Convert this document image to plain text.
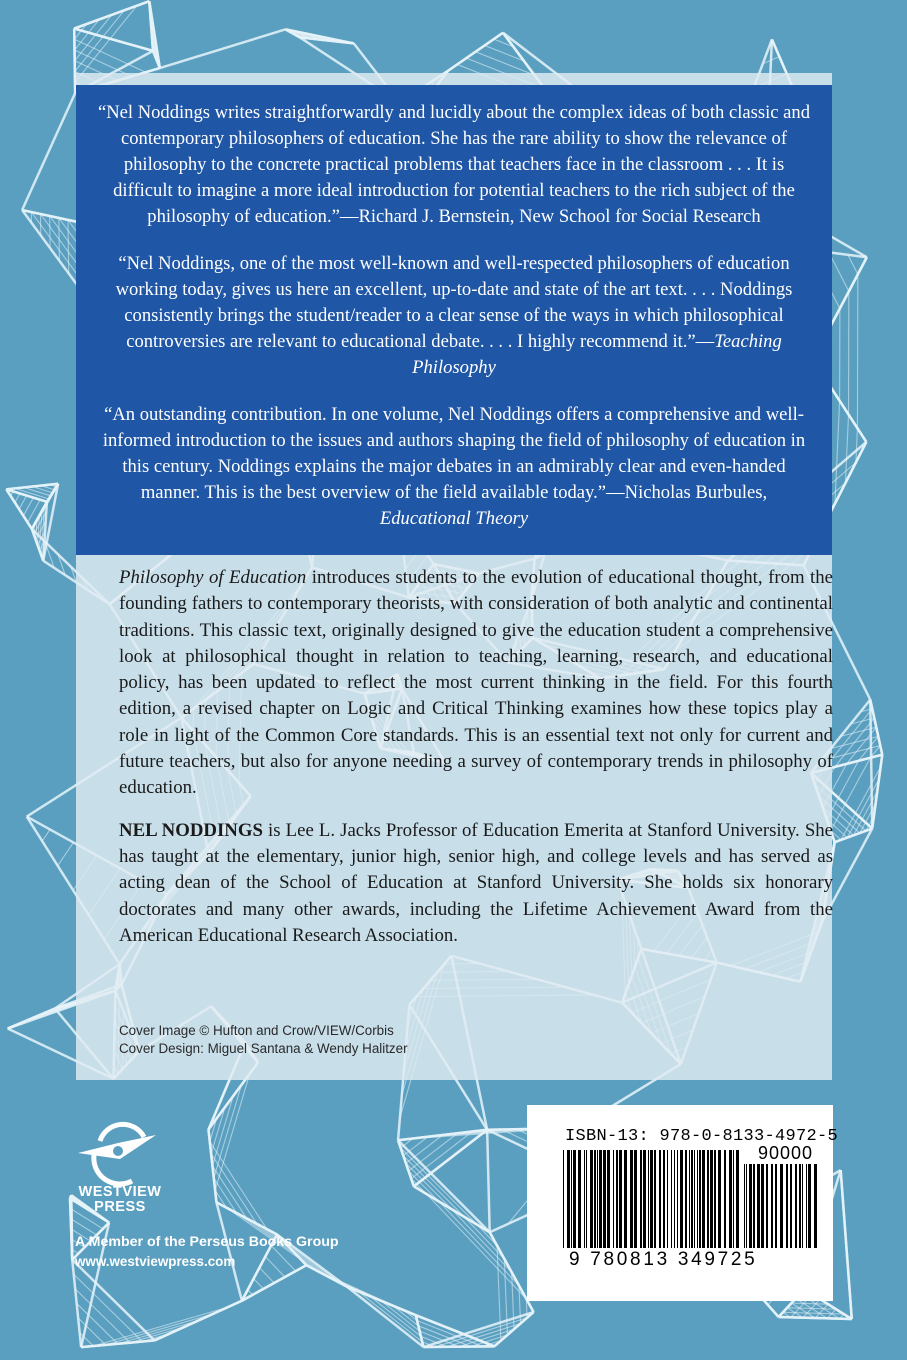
“Nel Noddings writes straightforwardly and lucidly about the complex ideas of both classic and contemporary philosophers of education. She has the rare ability to show the relevance of philosophy to the concrete practical problems that teachers face in the classroom . . . It is difficult to imagine a more ideal introduction for potential teachers to the rich subject of the philosophy of education.”—Richard J. Bernstein, New School for Social Research

“Nel Noddings, one of the most well-known and well-respected philosophers of education working today, gives us here an excellent, up-to-date and state of the art text. . . . Noddings consistently brings the student/reader to a clear sense of the ways in which philosophical controversies are relevant to educational debate. . . . I highly recommend it.”—Teaching Philosophy

“An outstanding contribution. In one volume, Nel Noddings offers a comprehensive and well-informed introduction to the issues and authors shaping the field of philosophy of education in this century. Noddings explains the major debates in an admirably clear and even-handed manner. This is the best overview of the field available today.”—Nicholas Burbules, Educational Theory

Philosophy of Education introduces students to the evolution of educational thought, from the founding fathers to contemporary theorists, with consideration of both analytic and continental traditions. This classic text, originally designed to give the education student a comprehensive look at philosophical thought in relation to teaching, learning, research, and educational policy, has been updated to reflect the most current thinking in the field. For this fourth edition, a revised chapter on Logic and Critical Thinking examines how these topics play a role in light of the Common Core standards. This is an essential text not only for current and future teachers, but also for anyone needing a survey of contemporary trends in philosophy of education.

NEL NODDINGS is Lee L. Jacks Professor of Education Emerita at Stanford University. She has taught at the elementary, junior high, senior high, and college levels and has served as acting dean of the School of Education at Stanford University. She holds six honorary doctorates and many other awards, including the Lifetime Achievement Award from the American Educational Research Association.

Cover Image © Hufton and Crow/VIEW/Corbis
Cover Design: Miguel Santana & Wendy Halitzer
WESTVIEW
PRESS
A Member of the Perseus Books Group
www.westviewpress.com
ISBN-13: 978-0-8133-4972-5
90000
9 780813 349725
